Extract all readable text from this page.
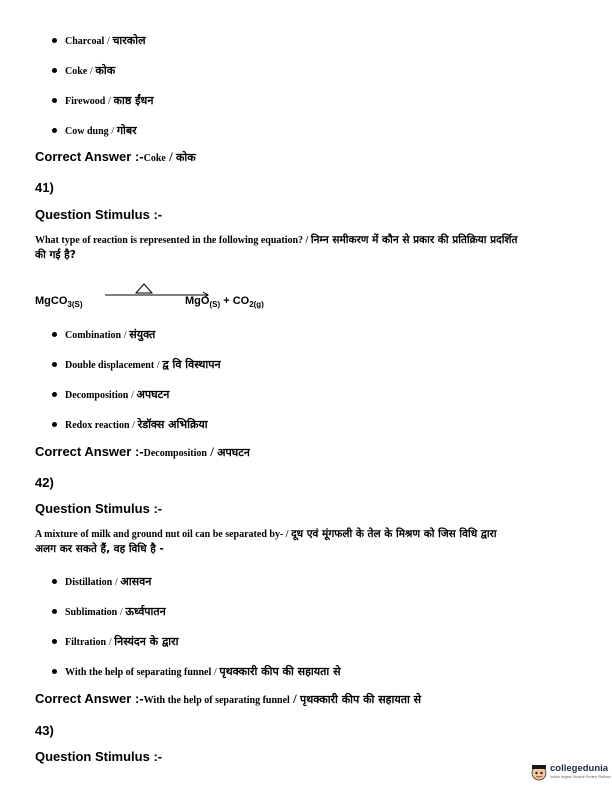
Charcoal / चारकोल
Coke / कोक
Firewood / काष्ठ ईंधन
Cow dung / गोबर
Correct Answer :-Coke / कोक
41)
Question Stimulus :-
What type of reaction is represented in the following equation? / निम्न समीकरण में कौन से प्रकार की प्रतिक्रिया प्रदर्शित
की गई है?
MgCO$_{3(S)}$	$MgO_{(S)} + CO_{2(g)}$
Combination / संयुक्त
Double displacement / द्व वि विस्थापन
Decomposition / अपघटन
Redox reaction / रेडॉक्स अभिक्रिया
Correct Answer :-Decomposition / अपघटन
42)
Question Stimulus :-
A mixture of milk and ground nut oil can be separated by- / दूध एवं मूंगफली के तेल के मिश्रण को जिस विधि द्वारा
अलग कर सकते हैं, वह विधि है -
Distillation / आसवन
Sublimation / ऊर्ध्वपातन
Filtration / निस्यंदन के द्वारा
With the help of separating funnel / पृथक्कारी कीप की सहायता से
Correct Answer :-With the help of separating funnel / पृथक्कारी कीप की सहायता से
43)
Question Stimulus :-
collegedunia
India's largest Student Review Platform
